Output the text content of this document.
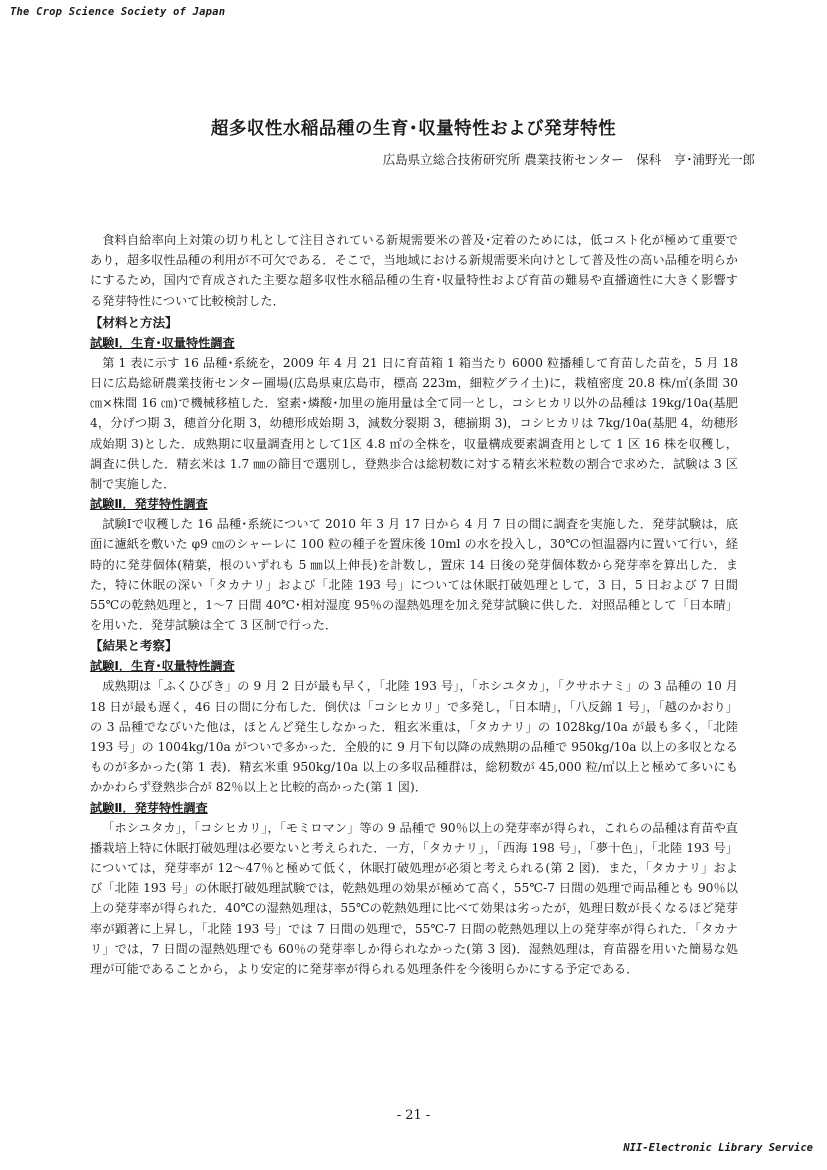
The Crop Science Society of Japan
超多収性水稲品種の生育･収量特性および発芽特性
広島県立総合技術研究所 農業技術センター　保科　亨･浦野光一郎

食料自給率向上対策の切り札として注目されている新規需要米の普及･定着のためには，低コスト化が極めて重要であり，超多収性品種の利用が不可欠である．そこで，当地域における新規需要米向けとして普及性の高い品種を明らかにするため，国内で育成された主要な超多収性水稲品種の生育･収量特性および育苗の難易や直播適性に大きく影響する発芽特性について比較検討した．

【材料と方法】
試験Ⅰ．生育･収量特性調査

第 1 表に示す 16 品種･系統を，2009 年 4 月 21 日に育苗箱 1 箱当たり 6000 粒播種して育苗した苗を，5 月 18 日に広島総研農業技術センター圃場(広島県東広島市，標高 223m，細粒グライ土)に，栽植密度 20.8 株/㎡(条間 30 ㎝×株間 16 ㎝)で機械移植した．窒素･燐酸･加里の施用量は全て同一とし，コシヒカリ以外の品種は 19kg/10a(基肥 4，分げつ期 3，穂首分化期 3，幼穂形成始期 3，減数分裂期 3，穂揃期 3)，コシヒカリは 7kg/10a(基肥 4，幼穂形成始期 3)とした．成熟期に収量調査用として1区 4.8 ㎡の全株を，収量構成要素調査用として 1 区 16 株を収穫し，調査に供した．精玄米は 1.7 ㎜の篩目で選別し，登熟歩合は総籾数に対する精玄米粒数の割合で求めた．試験は 3 区制で実施した．

試験Ⅱ．発芽特性調査

試験Ⅰで収穫した 16 品種･系統について 2010 年 3 月 17 日から 4 月 7 日の間に調査を実施した．発芽試験は，底面に濾紙を敷いた φ9 ㎝のシャーレに 100 粒の種子を置床後 10ml の水を投入し，30℃の恒温器内に置いて行い，経時的に発芽個体(精葉，根のいずれも 5 ㎜以上伸長)を計数し，置床 14 日後の発芽個体数から発芽率を算出した．また，特に休眠の深い「タカナリ」および「北陸 193 号」については休眠打破処理として，3 日，5 日および 7 日間 55℃の乾熱処理と，1～7 日間 40℃･相対湿度 95％の湿熱処理を加え発芽試験に供した．対照品種として「日本晴」を用いた．発芽試験は全て 3 区制で行った．

【結果と考察】
試験Ⅰ．生育･収量特性調査

成熟期は「ふくひびき」の 9 月 2 日が最も早く，「北陸 193 号」，「ホシユタカ」，「クサホナミ」の 3 品種の 10 月 18 日が最も遅く，46 日の間に分布した．倒伏は「コシヒカリ」で多発し，「日本晴」，「八反錦 1 号」，「越のかおり」の 3 品種でなびいた他は，ほとんど発生しなかった．粗玄米重は，「タカナリ」の 1028kg/10a が最も多く，「北陸 193 号」の 1004kg/10a がついで多かった．全般的に 9 月下旬以降の成熟期の品種で 950kg/10a 以上の多収となるものが多かった(第 1 表)．精玄米重 950kg/10a 以上の多収品種群は，総籾数が 45,000 粒/㎡以上と極めて多いにもかかわらず登熟歩合が 82％以上と比較的高かった(第 1 図)．

試験Ⅱ．発芽特性調査

「ホシユタカ」，「コシヒカリ」，「モミロマン」等の 9 品種で 90％以上の発芽率が得られ，これらの品種は育苗や直播栽培上特に休眠打破処理は必要ないと考えられた．一方，「タカナリ」，「西海 198 号」，「夢十色」，「北陸 193 号」については，発芽率が 12～47％と極めて低く，休眠打破処理が必須と考えられる(第 2 図)．また，「タカナリ」および「北陸 193 号」の休眠打破処理試験では，乾熱処理の効果が極めて高く，55℃-7 日間の処理で両品種とも 90％以上の発芽率が得られた．40℃の湿熱処理は，55℃の乾熱処理に比べて効果は劣ったが，処理日数が長くなるほど発芽率が顕著に上昇し，「北陸 193 号」では 7 日間の処理で，55℃-7 日間の乾熱処理以上の発芽率が得られた．「タカナリ」では，7 日間の湿熱処理でも 60％の発芽率しか得られなかった(第 3 図)．湿熱処理は，育苗器を用いた簡易な処理が可能であることから，より安定的に発芽率が得られる処理条件を今後明らかにする予定である．

- 21 -
NII-Electronic Library Service
